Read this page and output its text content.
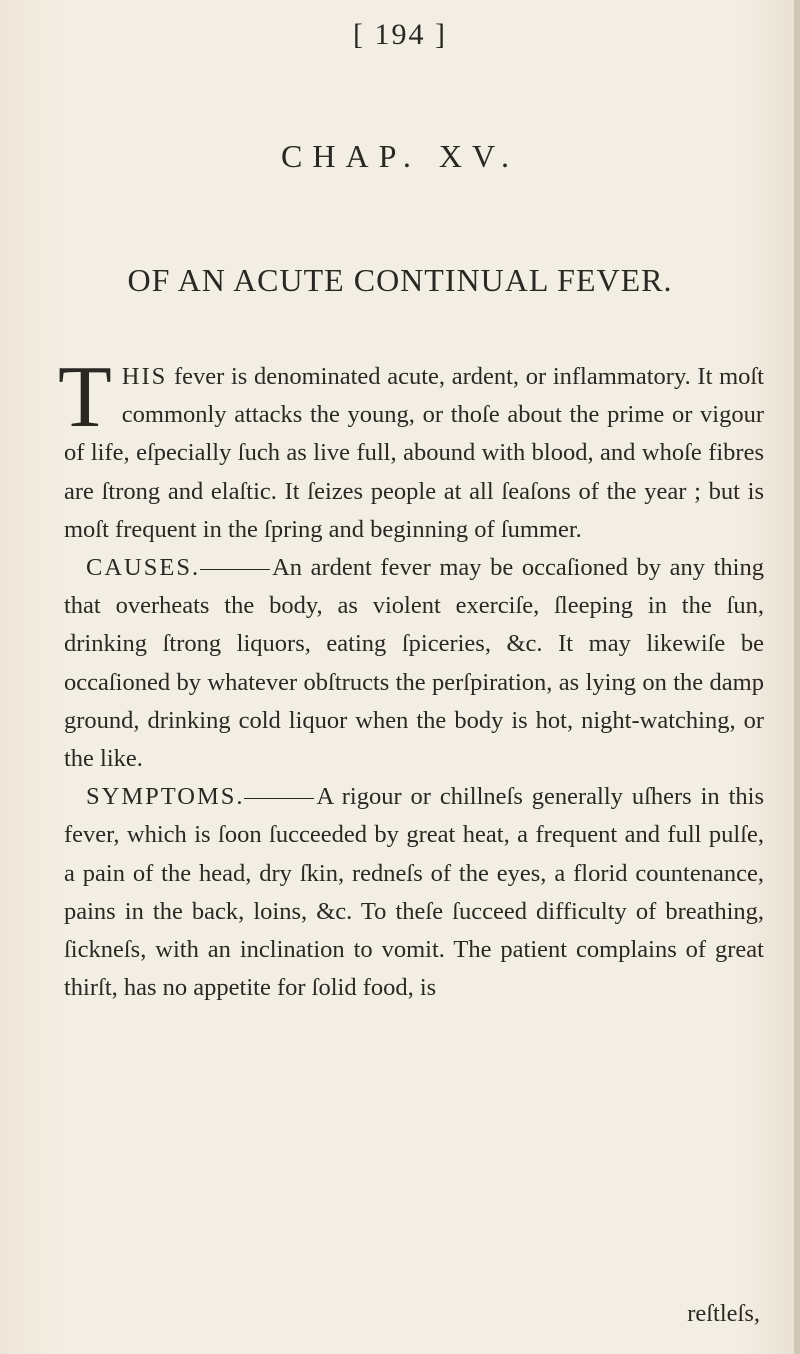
[ 194 ]
CHAP. XV.
OF AN ACUTE CONTINUAL FEVER.

THIS fever is denominated acute, ardent, or inflammatory. It moſt commonly attacks the young, or thoſe about the prime or vigour of life, eſpecially ſuch as live full, abound with blood, and whoſe fibres are ſtrong and elaſtic. It ſeizes people at all ſeaſons of the year ; but is moſt frequent in the ſpring and beginning of ſummer.

CAUSES.	An ardent fever may be occaſioned by any thing that overheats the body, as violent exerciſe, ſleeping in the ſun, drinking ſtrong liquors, eating ſpiceries, &c. It may likewiſe be occaſioned by whatever obſtructs the perſpiration, as lying on the damp ground, drinking cold liquor when the body is hot, night-watching, or the like.

SYMPTOMS.	A rigour or chillneſs generally uſhers in this fever, which is ſoon ſucceeded by great heat, a frequent and full pulſe, a pain of the head, dry ſkin, redneſs of the eyes, a florid countenance, pains in the back, loins, &c. To theſe ſucceed difficulty of breathing, ſickneſs, with an inclination to vomit. The patient complains of great thirſt, has no appetite for ſolid food, is

reſtleſs,
